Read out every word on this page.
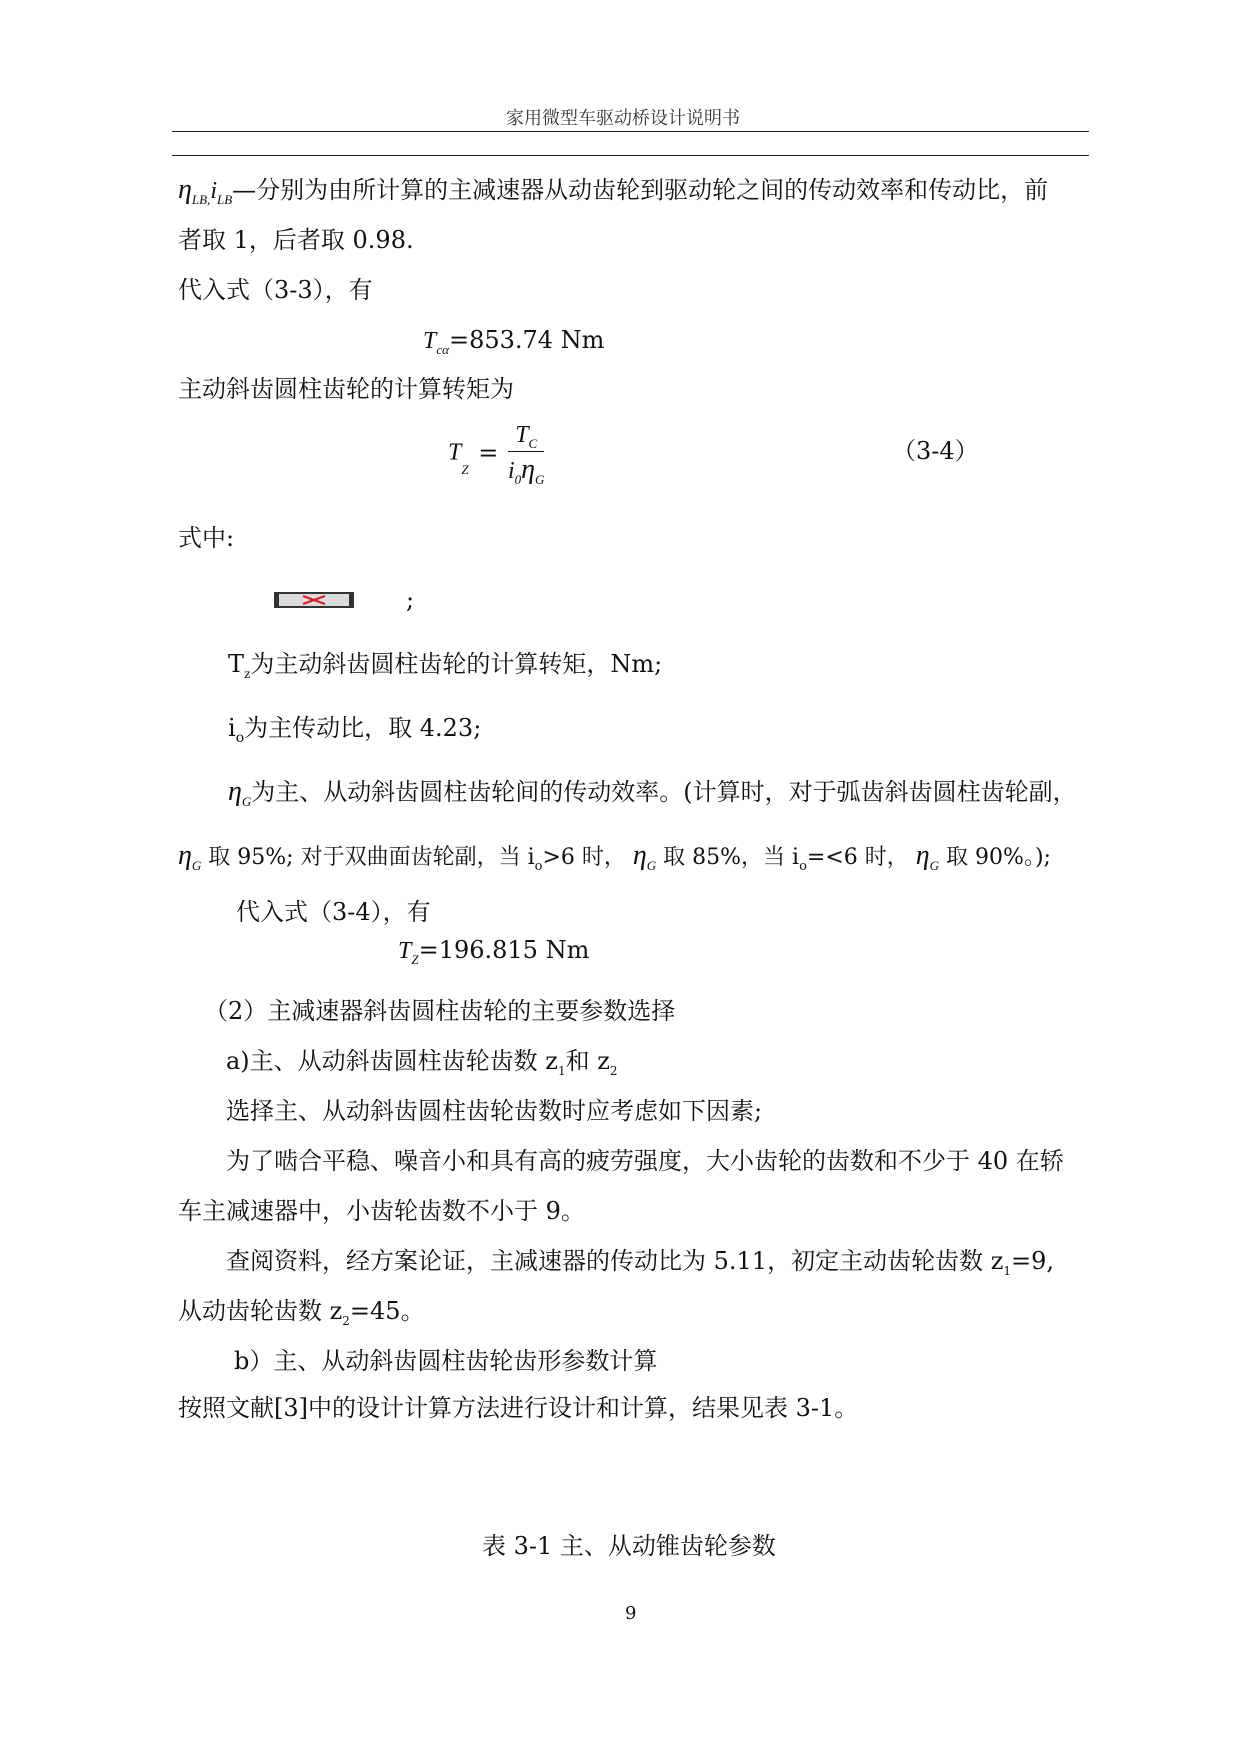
家用微型车驱动桥设计说明书
$\eta_{LB,}i_{LB}—$分别为由所计算的主减速器从动齿轮到驱动轮之间的传动效率和传动比，前
者取 1，后者取 0.98.
代入式（3-3），有
$T_{c\alpha}=853.74$ Nm
主动斜齿圆柱齿轮的计算转矩为
$T_Z = \frac{T_C}{i_0\eta_G}$	（3-4）
式中:
;
$T_z$为主动斜齿圆柱齿轮的计算转矩，Nm;
$i_o$为主传动比，取 4.23;
$\eta_G$为主、从动斜齿圆柱齿轮间的传动效率。(计算时，对于弧齿斜齿圆柱齿轮副，
$\eta_G$ 取 95%; 对于双曲面齿轮副，当 $i_o>6$ 时， $\eta_G$ 取 85%，当 $i_o=<6$ 时， $\eta_G$ 取 90%。);
代入式（3-4），有
$T_Z=196.815$ Nm
（2）主减速器斜齿圆柱齿轮的主要参数选择
a)主、从动斜齿圆柱齿轮齿数 $z_1$和 $z_2$
选择主、从动斜齿圆柱齿轮齿数时应考虑如下因素;
为了啮合平稳、噪音小和具有高的疲劳强度，大小齿轮的齿数和不少于 40 在轿
车主减速器中，小齿轮齿数不小于 9。
查阅资料，经方案论证，主减速器的传动比为 5.11，初定主动齿轮齿数 $z_1=9$,
从动齿轮齿数 $z_2=45$。
b）主、从动斜齿圆柱齿轮齿形参数计算
按照文献[3]中的设计计算方法进行设计和计算，结果见表 3-1。
表 3-1 主、从动锥齿轮参数
9
